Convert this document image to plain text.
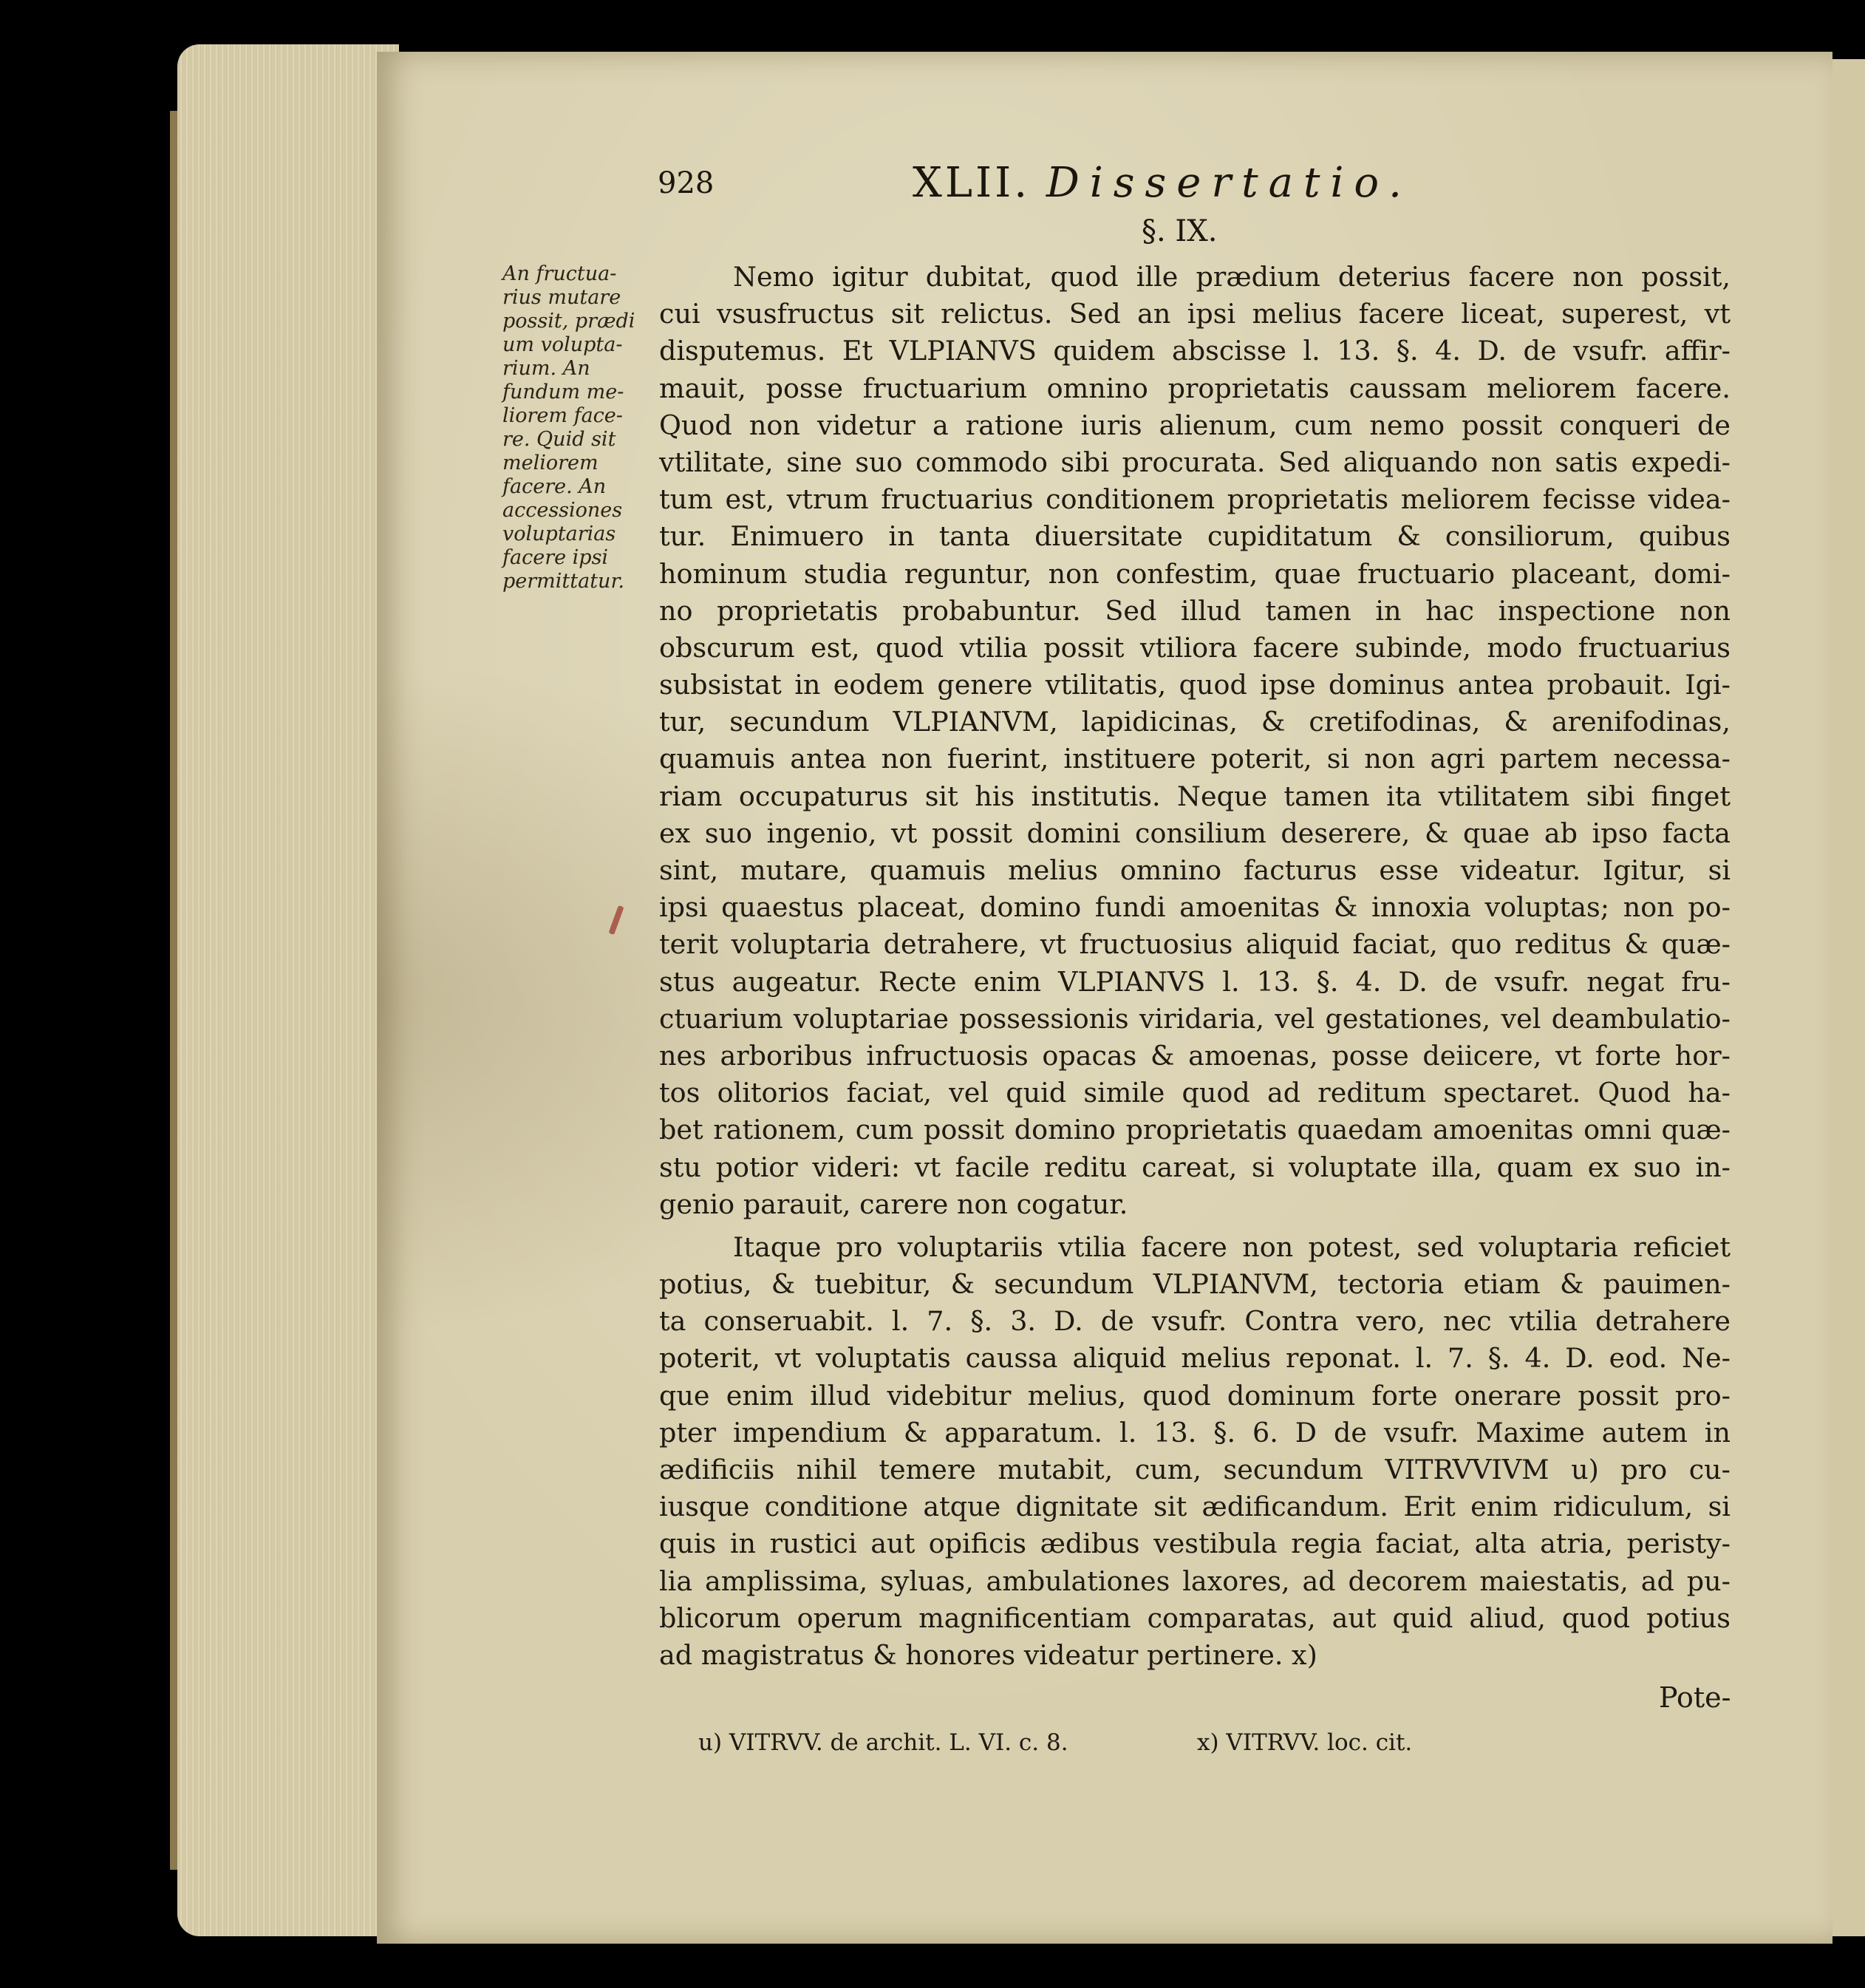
928	XLII. Dissertatio.
§. IX.
An fructua-
rius mutare
possit, prædi
um volupta-
rium. An
fundum me-
liorem face-
re. Quid sit
meliorem
facere. An
accessiones
voluptarias
facere ipsi
permittatur.
Nemo igitur dubitat, quod ille prædium deterius facere non possit,
cui vsusfructus sit relictus. Sed an ipsi melius facere liceat, superest, vt
disputemus. Et VLPIANVS quidem abscisse l. 13. §. 4. D. de vsufr. affir-
mauit, posse fructuarium omnino proprietatis caussam meliorem facere.
Quod non videtur a ratione iuris alienum, cum nemo possit conqueri de
vtilitate, sine suo commodo sibi procurata. Sed aliquando non satis expedi-
tum est, vtrum fructuarius conditionem proprietatis meliorem fecisse videa-
tur. Enimuero in tanta diuersitate cupiditatum & consiliorum, quibus
hominum studia reguntur, non confestim, quae fructuario placeant, domi-
no proprietatis probabuntur. Sed illud tamen in hac inspectione non
obscurum est, quod vtilia possit vtiliora facere subinde, modo fructuarius
subsistat in eodem genere vtilitatis, quod ipse dominus antea probauit. Igi-
tur, secundum VLPIANVM, lapidicinas, & cretifodinas, & arenifodinas,
quamuis antea non fuerint, instituere poterit, si non agri partem necessa-
riam occupaturus sit his institutis. Neque tamen ita vtilitatem sibi finget
ex suo ingenio, vt possit domini consilium deserere, & quae ab ipso facta
sint, mutare, quamuis melius omnino facturus esse videatur. Igitur, si
ipsi quaestus placeat, domino fundi amoenitas & innoxia voluptas; non po-
terit voluptaria detrahere, vt fructuosius aliquid faciat, quo reditus & quæ-
stus augeatur. Recte enim VLPIANVS l. 13. §. 4. D. de vsufr. negat fru-
ctuarium voluptariae possessionis viridaria, vel gestationes, vel deambulatio-
nes arboribus infructuosis opacas & amoenas, posse deiicere, vt forte hor-
tos olitorios faciat, vel quid simile quod ad reditum spectaret. Quod ha-
bet rationem, cum possit domino proprietatis quaedam amoenitas omni quæ-
stu potior videri: vt facile reditu careat, si voluptate illa, quam ex suo in-
genio parauit, carere non cogatur.
Itaque pro voluptariis vtilia facere non potest, sed voluptaria reficiet
potius, & tuebitur, & secundum VLPIANVM, tectoria etiam & pauimen-
ta conseruabit. l. 7. §. 3. D. de vsufr. Contra vero, nec vtilia detrahere
poterit, vt voluptatis caussa aliquid melius reponat. l. 7. §. 4. D. eod. Ne-
que enim illud videbitur melius, quod dominum forte onerare possit pro-
pter impendium & apparatum. l. 13. §. 6. D de vsufr. Maxime autem in
ædificiis nihil temere mutabit, cum, secundum VITRVVIVM u) pro cu-
iusque conditione atque dignitate sit ædificandum. Erit enim ridiculum, si
quis in rustici aut opificis ædibus vestibula regia faciat, alta atria, peristy-
lia amplissima, syluas, ambulationes laxores, ad decorem maiestatis, ad pu-
blicorum operum magnificentiam comparatas, aut quid aliud, quod potius
ad magistratus & honores videatur pertinere. x)
Pote-
u) VITRVV. de archit. L. VI. c. 8.	x) VITRVV. loc. cit.
